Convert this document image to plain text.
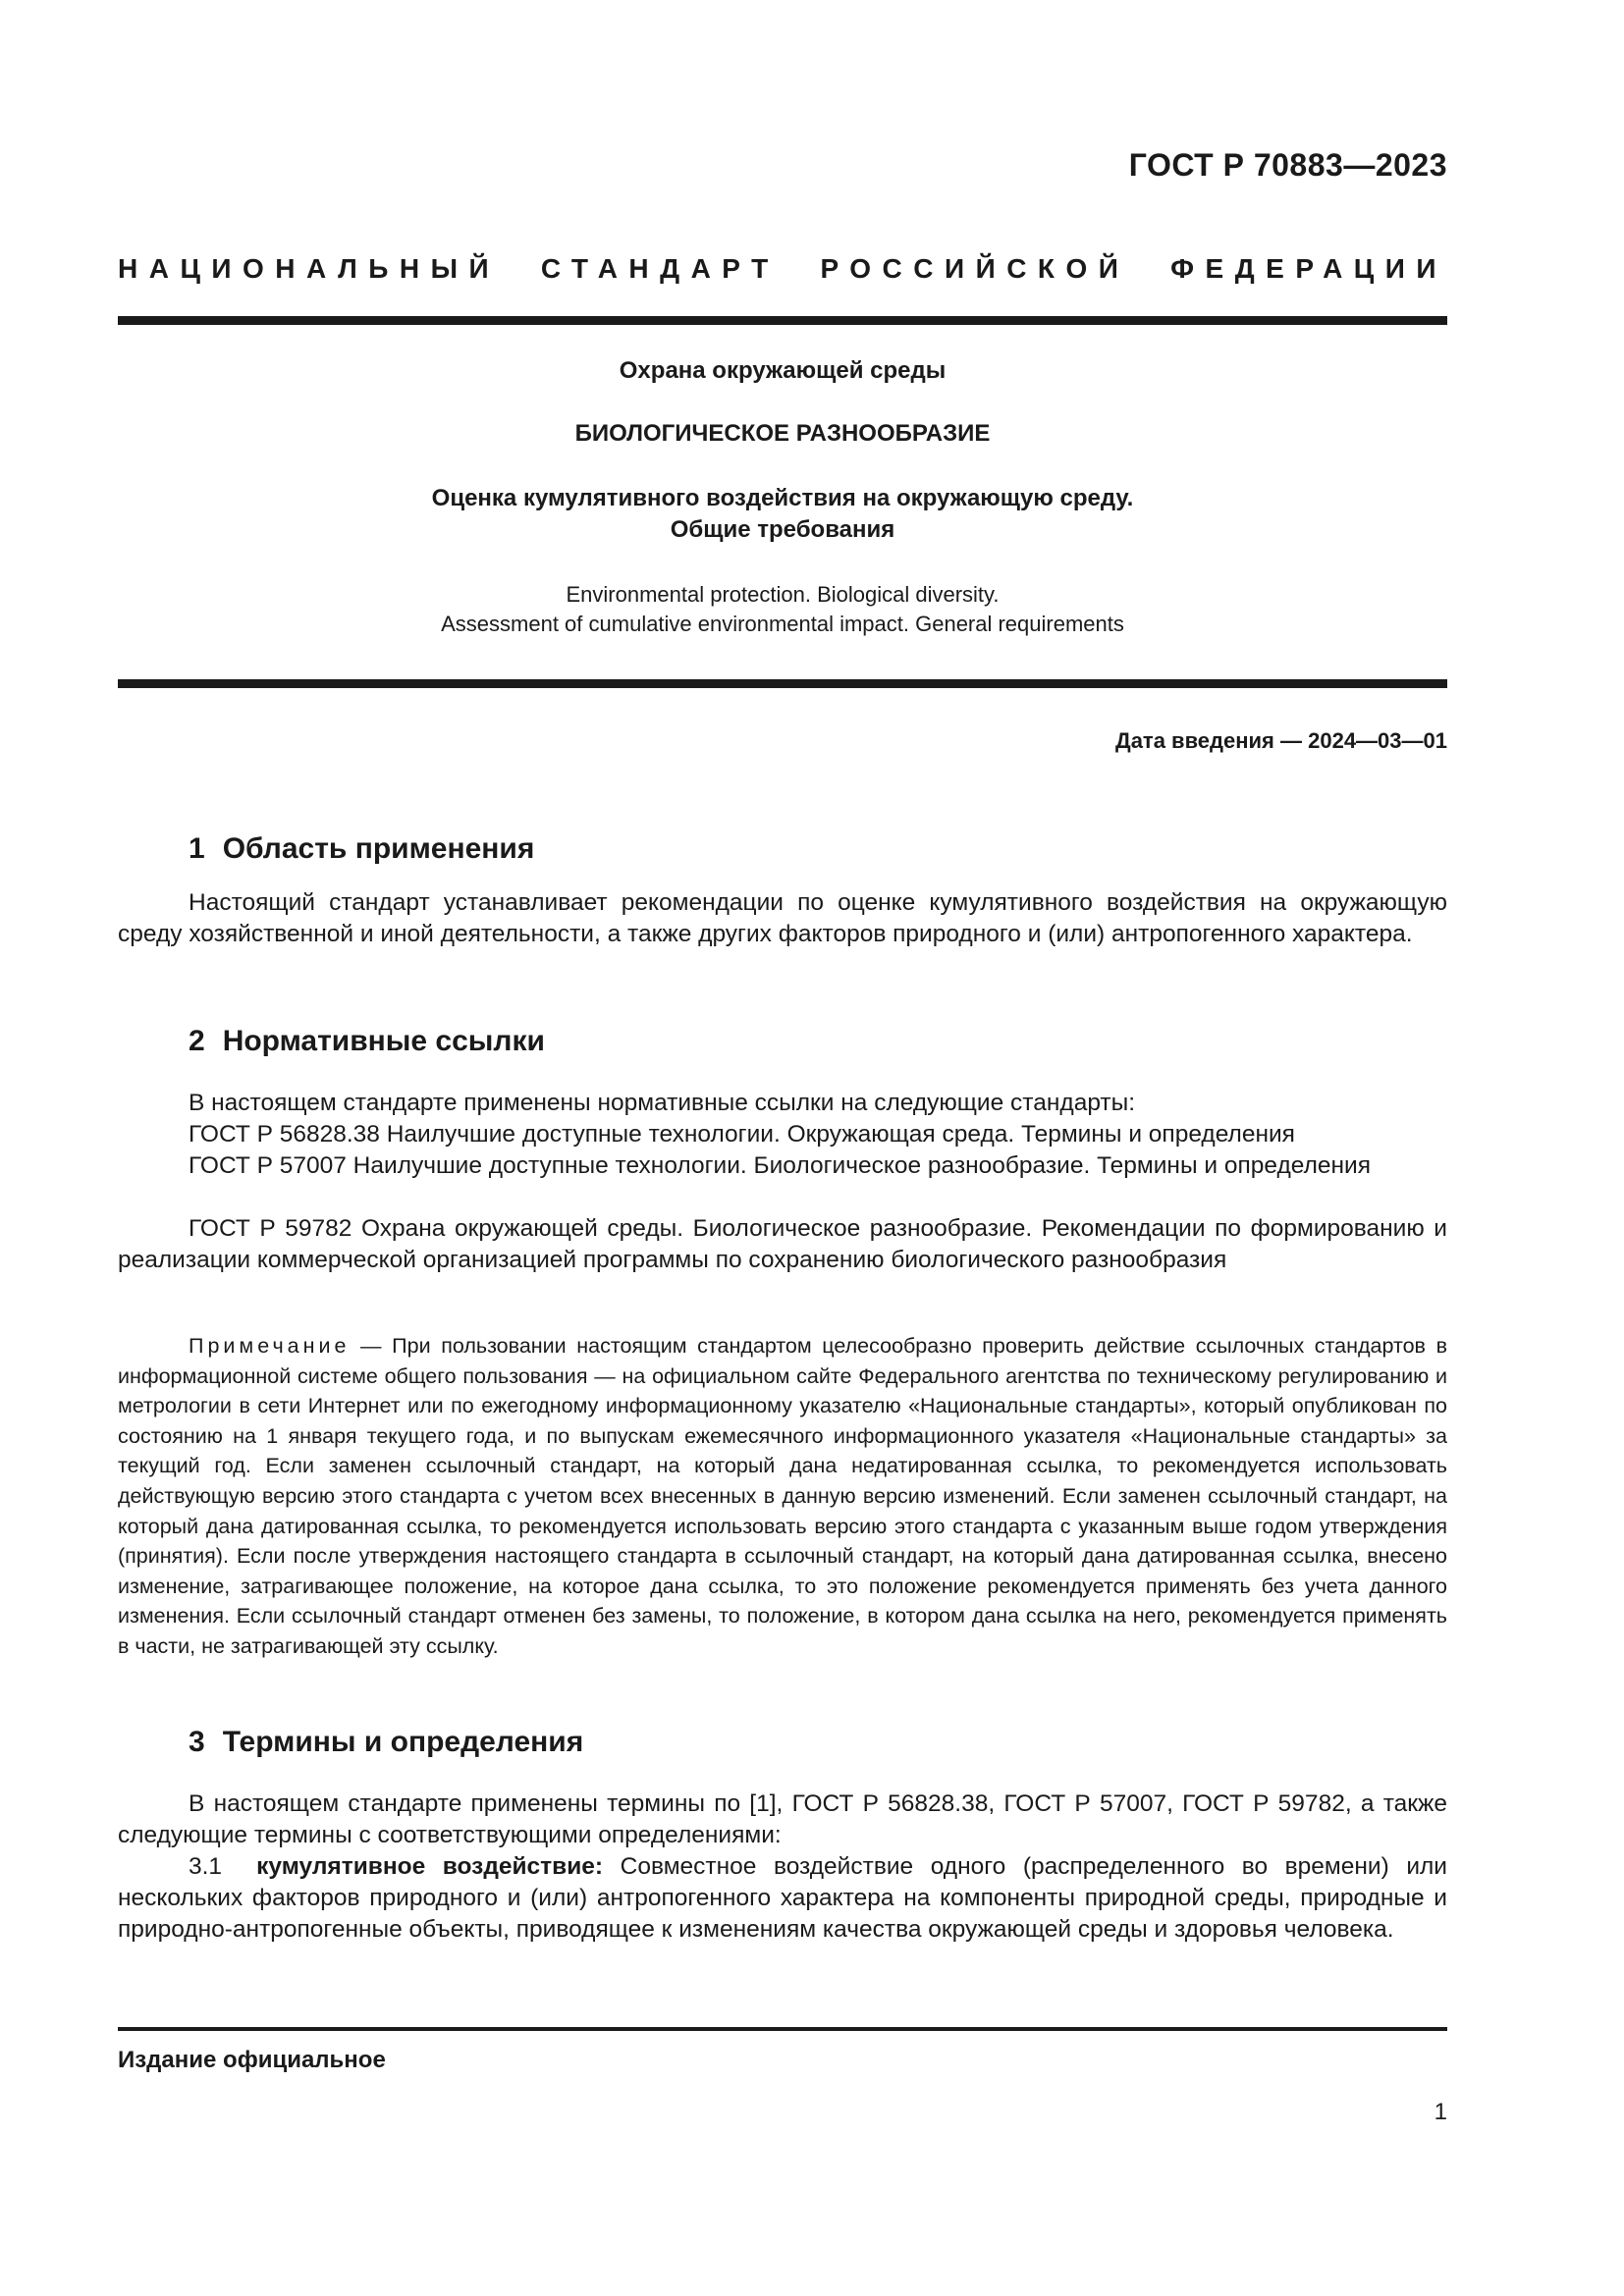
ГОСТ Р 70883—2023
НАЦИОНАЛЬНЫЙ СТАНДАРТ РОССИЙСКОЙ ФЕДЕРАЦИИ
Охрана окружающей среды
БИОЛОГИЧЕСКОЕ РАЗНООБРАЗИЕ
Оценка кумулятивного воздействия на окружающую среду.
Общие требования
Environmental protection. Biological diversity.
Assessment of cumulative environmental impact. General requirements
Дата введения — 2024—03—01
1 Область применения
Настоящий стандарт устанавливает рекомендации по оценке кумулятивного воздействия на окружающую среду хозяйственной и иной деятельности, а также других факторов природного и (или) антропогенного характера.
2 Нормативные ссылки
В настоящем стандарте применены нормативные ссылки на следующие стандарты:
ГОСТ Р 56828.38 Наилучшие доступные технологии. Окружающая среда. Термины и определения
ГОСТ Р 57007 Наилучшие доступные технологии. Биологическое разнообразие. Термины и определения
ГОСТ Р 59782 Охрана окружающей среды. Биологическое разнообразие. Рекомендации по формированию и реализации коммерческой организацией программы по сохранению биологического разнообразия
Примечание — При пользовании настоящим стандартом целесообразно проверить действие ссылочных стандартов в информационной системе общего пользования — на официальном сайте Федерального агентства по техническому регулированию и метрологии в сети Интернет или по ежегодному информационному указателю «Национальные стандарты», который опубликован по состоянию на 1 января текущего года, и по выпускам ежемесячного информационного указателя «Национальные стандарты» за текущий год. Если заменен ссылочный стандарт, на который дана недатированная ссылка, то рекомендуется использовать действующую версию этого стандарта с учетом всех внесенных в данную версию изменений. Если заменен ссылочный стандарт, на который дана датированная ссылка, то рекомендуется использовать версию этого стандарта с указанным выше годом утверждения (принятия). Если после утверждения настоящего стандарта в ссылочный стандарт, на который дана датированная ссылка, внесено изменение, затрагивающее положение, на которое дана ссылка, то это положение рекомендуется применять без учета данного изменения. Если ссылочный стандарт отменен без замены, то положение, в котором дана ссылка на него, рекомендуется применять в части, не затрагивающей эту ссылку.
3 Термины и определения
В настоящем стандарте применены термины по [1], ГОСТ Р 56828.38, ГОСТ Р 57007, ГОСТ Р 59782, а также следующие термины с соответствующими определениями:
3.1 кумулятивное воздействие: Совместное воздействие одного (распределенного во времени) или нескольких факторов природного и (или) антропогенного характера на компоненты природной среды, природные и природно-антропогенные объекты, приводящее к изменениям качества окружающей среды и здоровья человека.
Издание официальное
1
